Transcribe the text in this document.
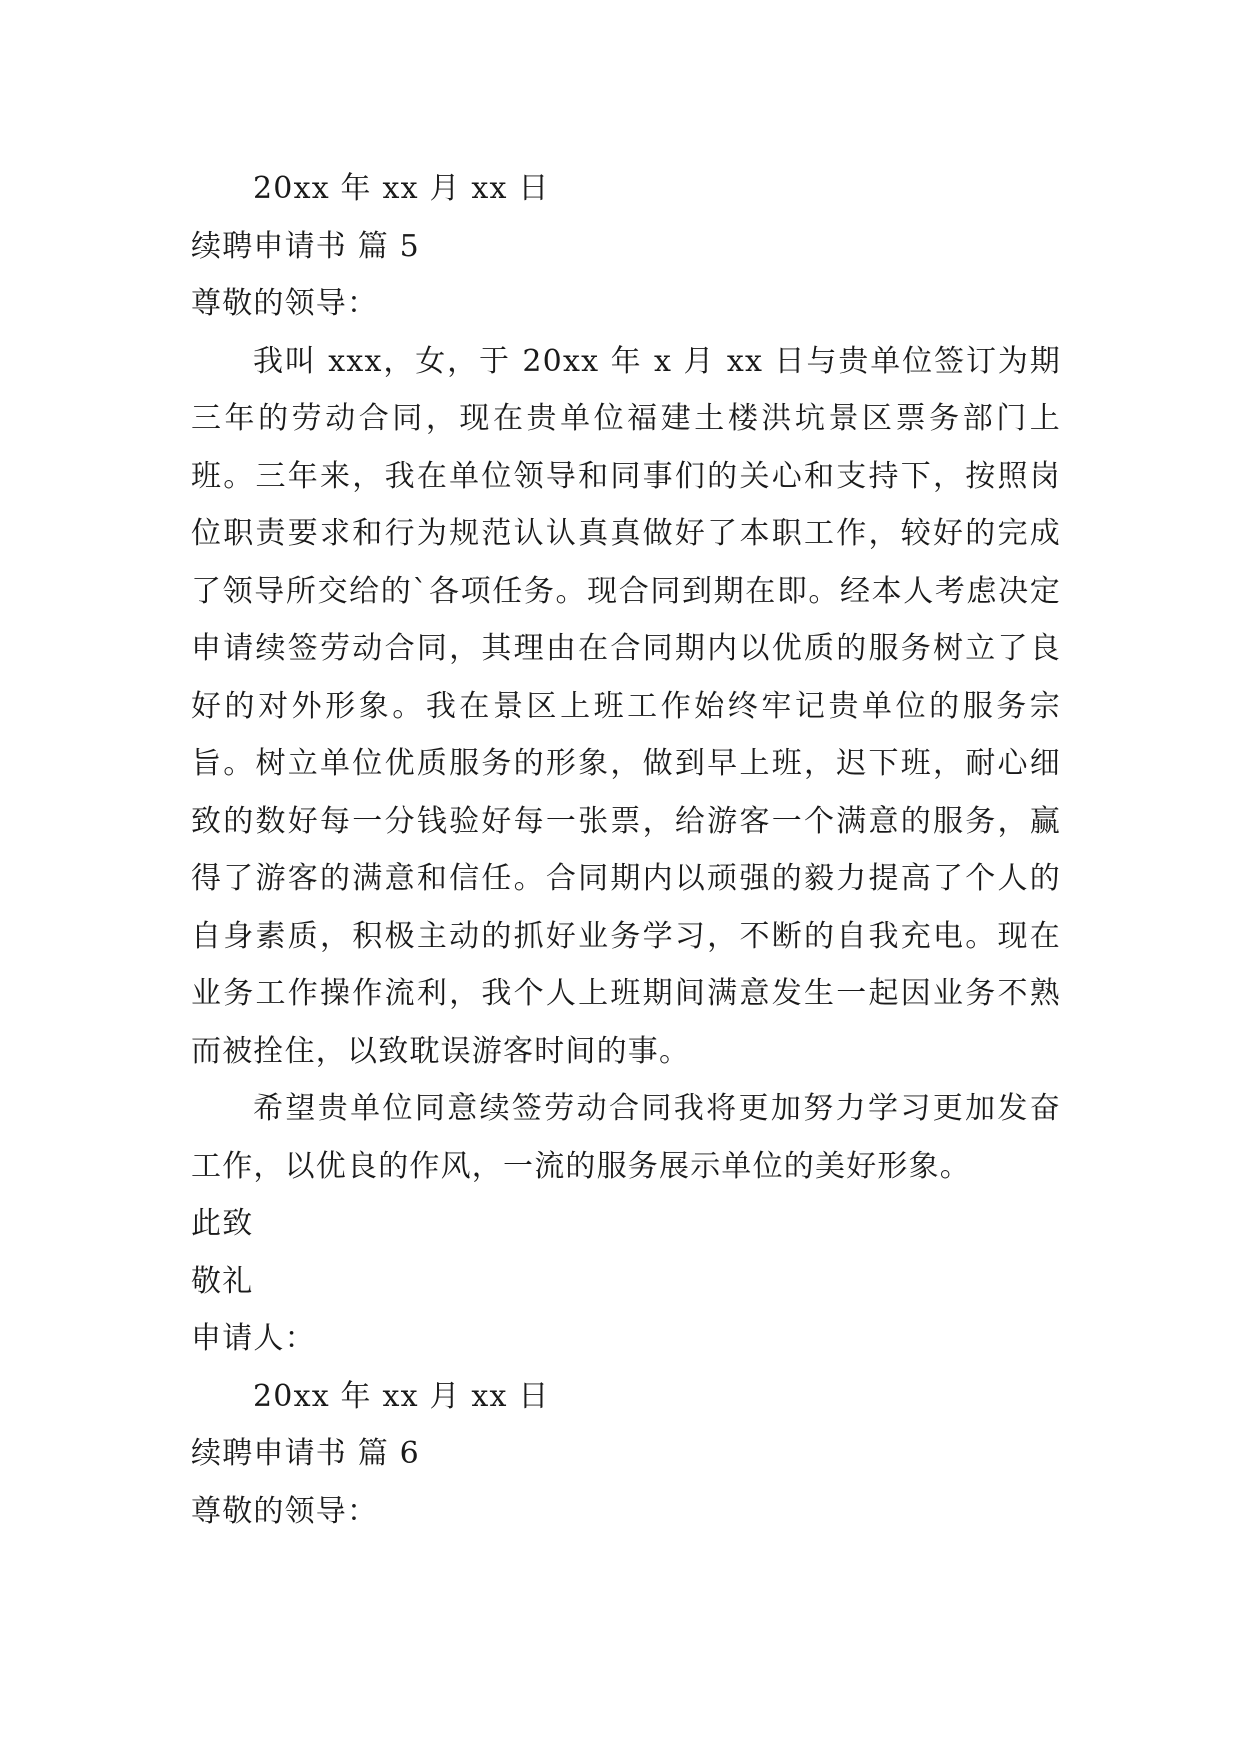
20xx 年 xx 月 xx 日
续聘申请书 篇 5
尊敬的领导：

我叫 xxx，女，于 20xx 年 x 月 xx 日与贵单位签订为期三年的劳动合同，现在贵单位福建土楼洪坑景区票务部门上班。三年来，我在单位领导和同事们的关心和支持下，按照岗位职责要求和行为规范认认真真做好了本职工作，较好的完成了领导所交给的`各项任务。现合同到期在即。经本人考虑决定申请续签劳动合同，其理由在合同期内以优质的服务树立了良好的对外形象。我在景区上班工作始终牢记贵单位的服务宗旨。树立单位优质服务的形象，做到早上班，迟下班，耐心细致的数好每一分钱验好每一张票，给游客一个满意的服务，赢得了游客的满意和信任。合同期内以顽强的毅力提高了个人的自身素质，积极主动的抓好业务学习，不断的自我充电。现在业务工作操作流利，我个人上班期间满意发生一起因业务不熟而被拴住，以致耽误游客时间的事。

希望贵单位同意续签劳动合同我将更加努力学习更加发奋工作，以优良的作风，一流的服务展示单位的美好形象。

此致
敬礼
申请人：
20xx 年 xx 月 xx 日
续聘申请书 篇 6
尊敬的领导：
